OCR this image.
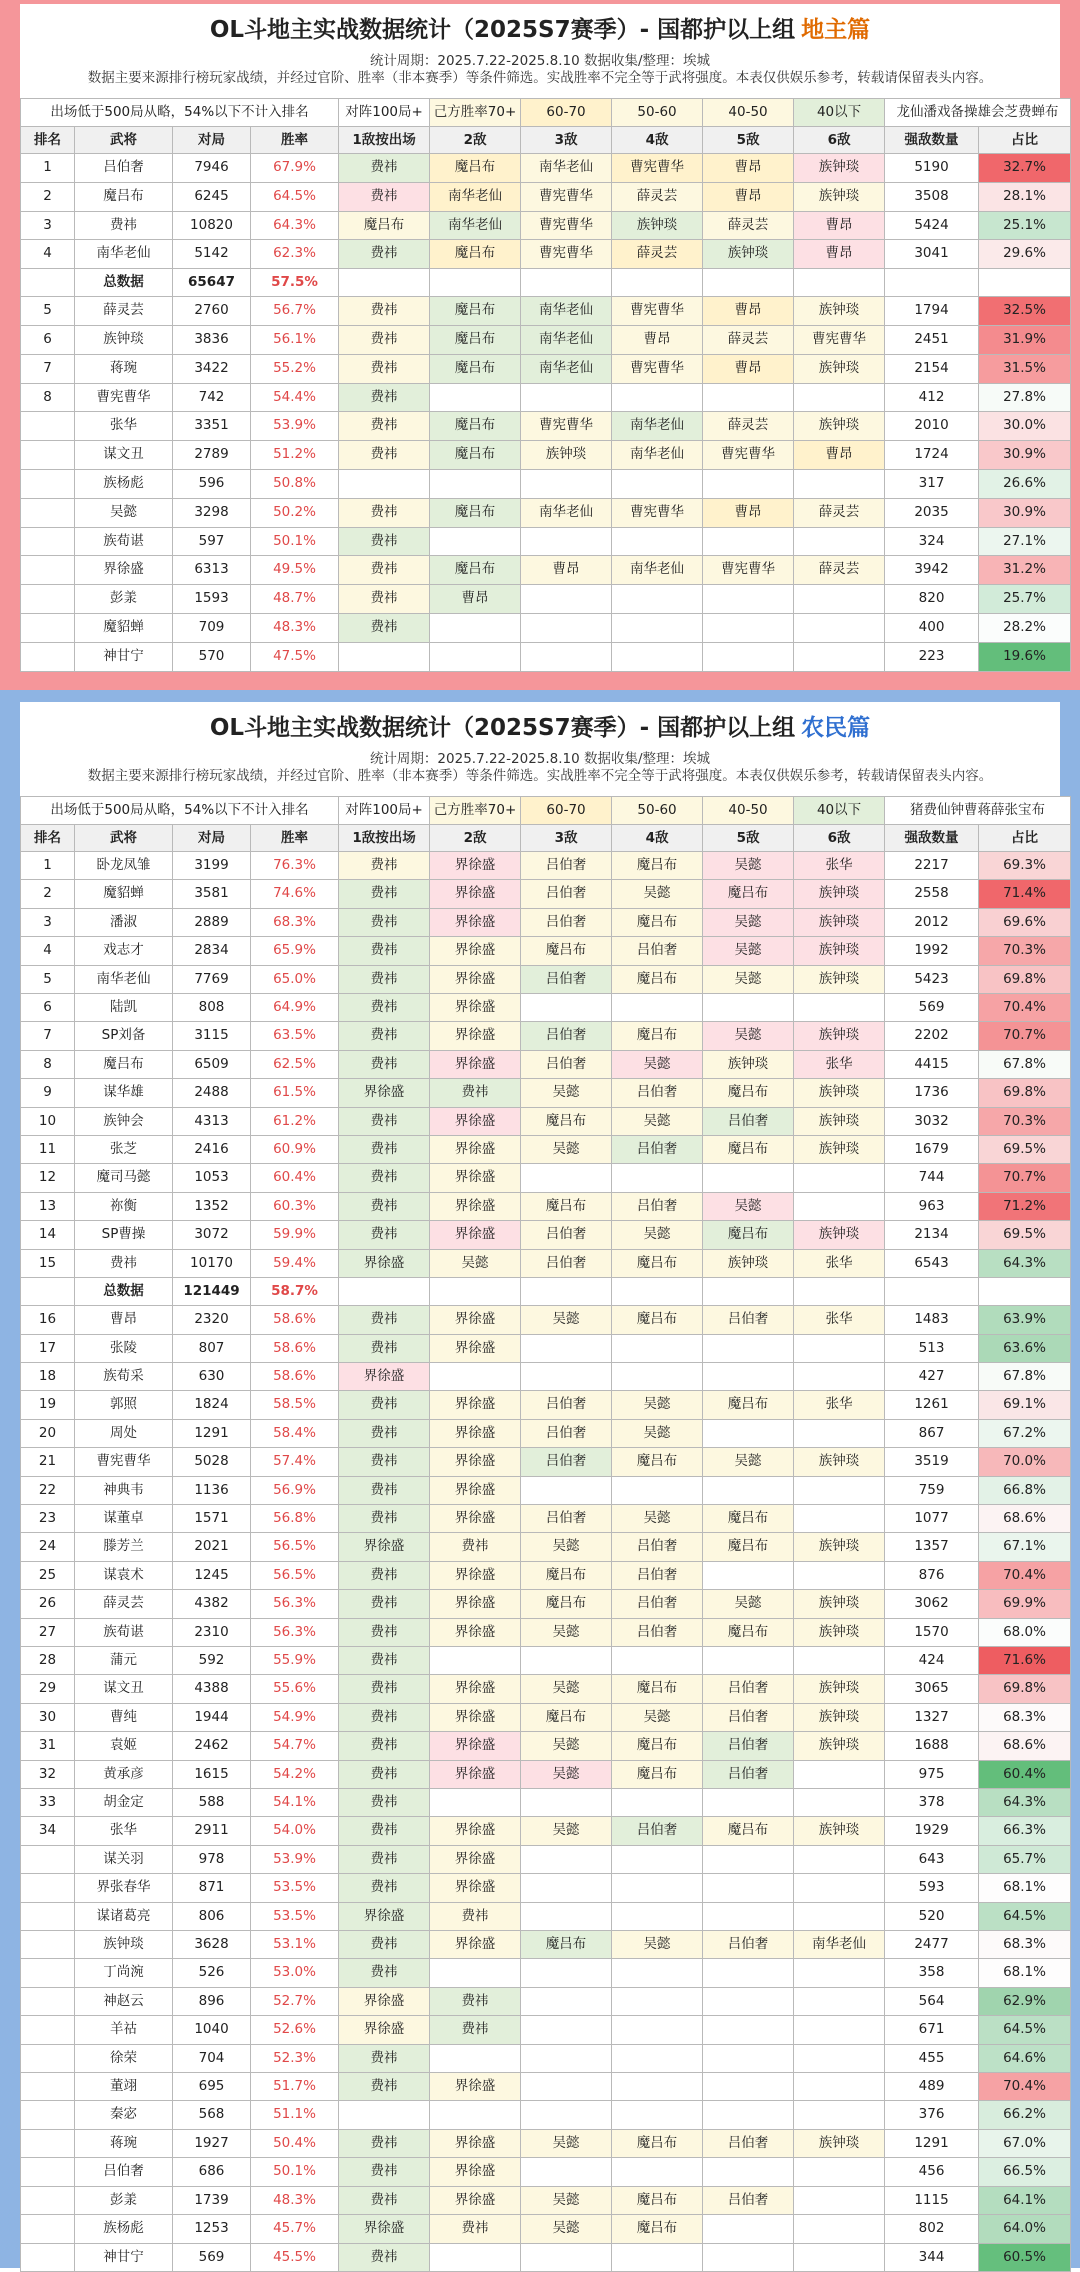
OL斗地主实战数据统计（2025S7赛季）- 国都护以上组 地主篇
统计周期：2025.7.22-2025.8.10 数据收集/整理：埃城
数据主要来源排行榜玩家战绩，并经过官阶、胜率（非本赛季）等条件筛选。实战胜率不完全等于武将强度。本表仅供娱乐参考，转载请保留表头内容。
出场低于500局从略，54%以下不计入排名				对阵100局+	己方胜率70+	60-70	50-60	40-50	40以下	龙仙潘戏备操雄会芝费蝉布	
排名	武将	对局	胜率	1敌按出场	2敌	3敌	4敌	5敌	6敌	强敌数量	占比
1	吕伯奢	7946	67.9%	费祎	魔吕布	南华老仙	曹宪曹华	曹昂	族钟琰	5190	32.7%
2	魔吕布	6245	64.5%	费祎	南华老仙	曹宪曹华	薛灵芸	曹昂	族钟琰	3508	28.1%
3	费祎	10820	64.3%	魔吕布	南华老仙	曹宪曹华	族钟琰	薛灵芸	曹昂	5424	25.1%
4	南华老仙	5142	62.3%	费祎	魔吕布	曹宪曹华	薛灵芸	族钟琰	曹昂	3041	29.6%
	总数据	65647	57.5%								
5	薛灵芸	2760	56.7%	费祎	魔吕布	南华老仙	曹宪曹华	曹昂	族钟琰	1794	32.5%
6	族钟琰	3836	56.1%	费祎	魔吕布	南华老仙	曹昂	薛灵芸	曹宪曹华	2451	31.9%
7	蒋琬	3422	55.2%	费祎	魔吕布	南华老仙	曹宪曹华	曹昂	族钟琰	2154	31.5%
8	曹宪曹华	742	54.4%	费祎						412	27.8%
	张华	3351	53.9%	费祎	魔吕布	曹宪曹华	南华老仙	薛灵芸	族钟琰	2010	30.0%
	谋文丑	2789	51.2%	费祎	魔吕布	族钟琰	南华老仙	曹宪曹华	曹昂	1724	30.9%
	族杨彪	596	50.8%							317	26.6%
	吴懿	3298	50.2%	费祎	魔吕布	南华老仙	曹宪曹华	曹昂	薛灵芸	2035	30.9%
	族荀谌	597	50.1%	费祎						324	27.1%
	界徐盛	6313	49.5%	费祎	魔吕布	曹昂	南华老仙	曹宪曹华	薛灵芸	3942	31.2%
	彭羕	1593	48.7%	费祎	曹昂					820	25.7%
	魔貂蝉	709	48.3%	费祎						400	28.2%
	神甘宁	570	47.5%							223	19.6%
OL斗地主实战数据统计（2025S7赛季）- 国都护以上组 农民篇
统计周期：2025.7.22-2025.8.10 数据收集/整理：埃城
数据主要来源排行榜玩家战绩，并经过官阶、胜率（非本赛季）等条件筛选。实战胜率不完全等于武将强度。本表仅供娱乐参考，转载请保留表头内容。
出场低于500局从略，54%以下不计入排名				对阵100局+	己方胜率70+	60-70	50-60	40-50	40以下	猪费仙钟曹蒋薛张宝布	
排名	武将	对局	胜率	1敌按出场	2敌	3敌	4敌	5敌	6敌	强敌数量	占比
1	卧龙凤雏	3199	76.3%	费祎	界徐盛	吕伯奢	魔吕布	吴懿	张华	2217	69.3%
2	魔貂蝉	3581	74.6%	费祎	界徐盛	吕伯奢	吴懿	魔吕布	族钟琰	2558	71.4%
3	潘淑	2889	68.3%	费祎	界徐盛	吕伯奢	魔吕布	吴懿	族钟琰	2012	69.6%
4	戏志才	2834	65.9%	费祎	界徐盛	魔吕布	吕伯奢	吴懿	族钟琰	1992	70.3%
5	南华老仙	7769	65.0%	费祎	界徐盛	吕伯奢	魔吕布	吴懿	族钟琰	5423	69.8%
6	陆凯	808	64.9%	费祎	界徐盛					569	70.4%
7	SP刘备	3115	63.5%	费祎	界徐盛	吕伯奢	魔吕布	吴懿	族钟琰	2202	70.7%
8	魔吕布	6509	62.5%	费祎	界徐盛	吕伯奢	吴懿	族钟琰	张华	4415	67.8%
9	谋华雄	2488	61.5%	界徐盛	费祎	吴懿	吕伯奢	魔吕布	族钟琰	1736	69.8%
10	族钟会	4313	61.2%	费祎	界徐盛	魔吕布	吴懿	吕伯奢	族钟琰	3032	70.3%
11	张芝	2416	60.9%	费祎	界徐盛	吴懿	吕伯奢	魔吕布	族钟琰	1679	69.5%
12	魔司马懿	1053	60.4%	费祎	界徐盛					744	70.7%
13	祢衡	1352	60.3%	费祎	界徐盛	魔吕布	吕伯奢	吴懿		963	71.2%
14	SP曹操	3072	59.9%	费祎	界徐盛	吕伯奢	吴懿	魔吕布	族钟琰	2134	69.5%
15	费祎	10170	59.4%	界徐盛	吴懿	吕伯奢	魔吕布	族钟琰	张华	6543	64.3%
	总数据	121449	58.7%								
16	曹昂	2320	58.6%	费祎	界徐盛	吴懿	魔吕布	吕伯奢	张华	1483	63.9%
17	张陵	807	58.6%	费祎	界徐盛					513	63.6%
18	族荀采	630	58.6%	界徐盛						427	67.8%
19	郭照	1824	58.5%	费祎	界徐盛	吕伯奢	吴懿	魔吕布	张华	1261	69.1%
20	周处	1291	58.4%	费祎	界徐盛	吕伯奢	吴懿			867	67.2%
21	曹宪曹华	5028	57.4%	费祎	界徐盛	吕伯奢	魔吕布	吴懿	族钟琰	3519	70.0%
22	神典韦	1136	56.9%	费祎	界徐盛					759	66.8%
23	谋董卓	1571	56.8%	费祎	界徐盛	吕伯奢	吴懿	魔吕布		1077	68.6%
24	滕芳兰	2021	56.5%	界徐盛	费祎	吴懿	吕伯奢	魔吕布	族钟琰	1357	67.1%
25	谋袁术	1245	56.5%	费祎	界徐盛	魔吕布	吕伯奢			876	70.4%
26	薛灵芸	4382	56.3%	费祎	界徐盛	魔吕布	吕伯奢	吴懿	族钟琰	3062	69.9%
27	族荀谌	2310	56.3%	费祎	界徐盛	吴懿	吕伯奢	魔吕布	族钟琰	1570	68.0%
28	蒲元	592	55.9%	费祎						424	71.6%
29	谋文丑	4388	55.6%	费祎	界徐盛	吴懿	魔吕布	吕伯奢	族钟琰	3065	69.8%
30	曹纯	1944	54.9%	费祎	界徐盛	魔吕布	吴懿	吕伯奢	族钟琰	1327	68.3%
31	袁姬	2462	54.7%	费祎	界徐盛	吴懿	魔吕布	吕伯奢	族钟琰	1688	68.6%
32	黄承彦	1615	54.2%	费祎	界徐盛	吴懿	魔吕布	吕伯奢		975	60.4%
33	胡金定	588	54.1%	费祎						378	64.3%
34	张华	2911	54.0%	费祎	界徐盛	吴懿	吕伯奢	魔吕布	族钟琰	1929	66.3%
	谋关羽	978	53.9%	费祎	界徐盛					643	65.7%
	界张春华	871	53.5%	费祎	界徐盛					593	68.1%
	谋诸葛亮	806	53.5%	界徐盛	费祎					520	64.5%
	族钟琰	3628	53.1%	费祎	界徐盛	魔吕布	吴懿	吕伯奢	南华老仙	2477	68.3%
	丁尚涴	526	53.0%	费祎						358	68.1%
	神赵云	896	52.7%	界徐盛	费祎					564	62.9%
	羊祜	1040	52.6%	界徐盛	费祎					671	64.5%
	徐荣	704	52.3%	费祎						455	64.6%
	董翊	695	51.7%	费祎	界徐盛					489	70.4%
	秦宓	568	51.1%							376	66.2%
	蒋琬	1927	50.4%	费祎	界徐盛	吴懿	魔吕布	吕伯奢	族钟琰	1291	67.0%
	吕伯奢	686	50.1%	费祎	界徐盛					456	66.5%
	彭羕	1739	48.3%	费祎	界徐盛	吴懿	魔吕布	吕伯奢		1115	64.1%
	族杨彪	1253	45.7%	界徐盛	费祎	吴懿	魔吕布			802	64.0%
	神甘宁	569	45.5%	费祎						344	60.5%
